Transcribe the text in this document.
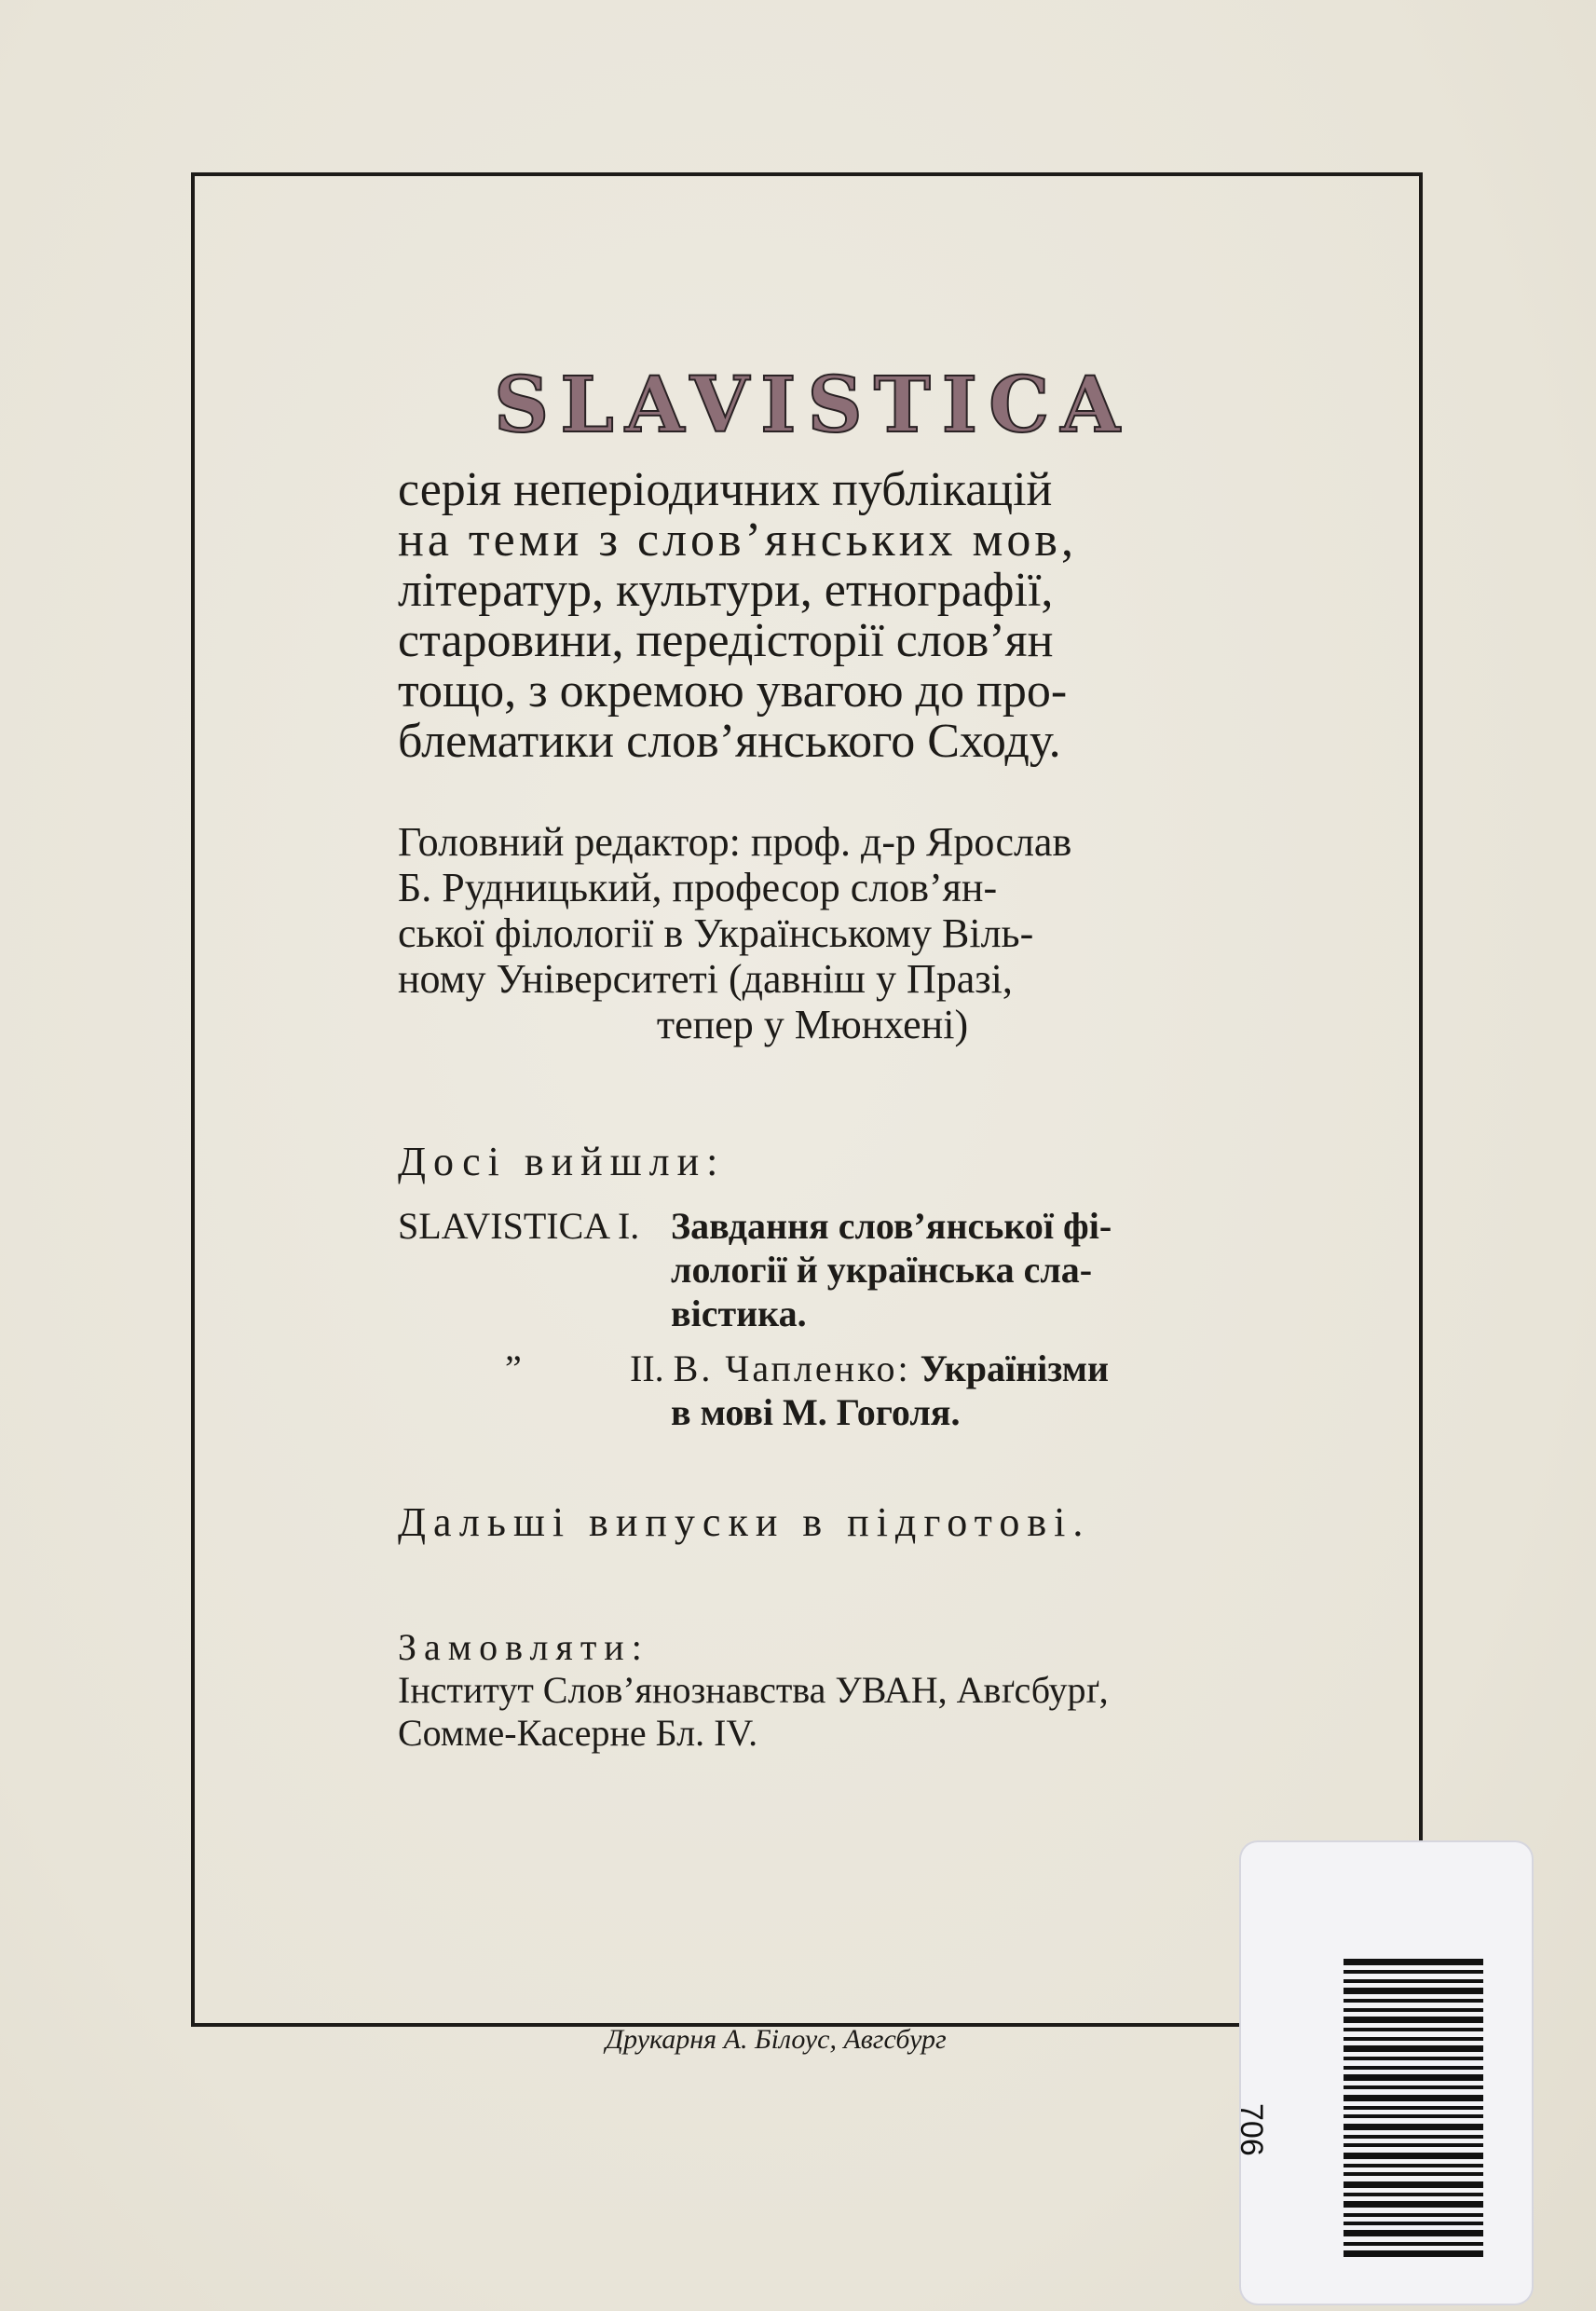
SLAVISTICA
серія неперіодичних публікацій
на теми з слов’янських мов,
літератур, культури, етнографії,
старовини, передісторії слов’ян
тощо, з окремою увагою до про-
блематики слов’янського Сходу.
Головний редактор: проф. д-р Ярослав
Б. Рудницький, професор слов’ян-
ської філології в Українському Віль-
ному Університеті (давніш у Празі,
тепер у Мюнхені)
Досі вийшли:
SLAVISTICA I. Завдання слов’янської фі-
лології й українська сла-
вістика.
”	II. В. Чапленко: Українізми
в мові М. Гоголя.
Дальші випуски в підготові.
Замовляти:
Інститут Слов’янознавства УВАН, Авґсбурґ,
Сомме-Касерне Бл. IV.
Друкарня А. Білоус, Авгсбург
706
